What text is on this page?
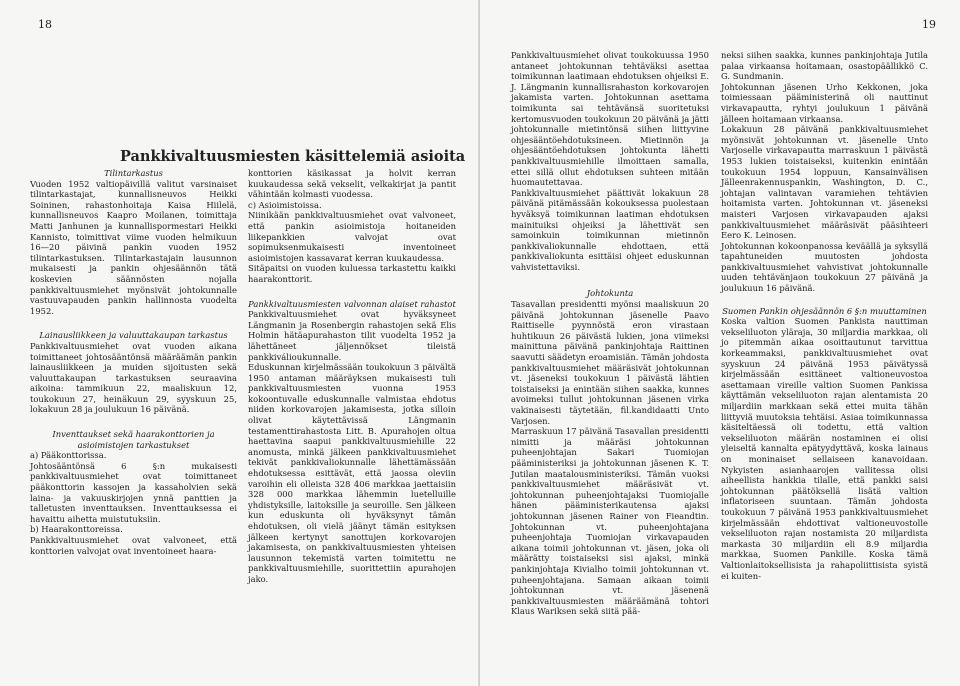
18
Pankkivaltuusmiesten käsittelemiä asioita

Tilintarkastus

Vuoden 1952 valtiopäivillä valitut varsinaiset tilintarkastajat, kunnallisneuvos Heikki Soininen, rahastonhoitaja Kaisa Hiilelä, kunnallisneuvos Kaapro Moilanen, toimittaja Matti Janhunen ja kunnallispormestari Heikki Kannisto, toimittivat viime vuoden helmikuun 16—20 päivinä pankin vuoden 1952 tilintarkastuksen. Tilintarkastajain lausunnon mukaisesti ja pankin ohjesäännön tätä koskevien säännösten nojalla pankkivaltuusmiehet myönsivät johtokunnalle vastuuvapauden pankin hallinnosta vuodelta 1952.

Lainausliikkeen ja valuuttakaupan tarkastus

Pankkivaltuusmiehet ovat vuoden aikana toimittaneet johtosääntönsä määräämän pankin lainausliikkeen ja muiden sijoitusten sekä valuuttakaupan tarkastuksen seuraavina aikoina: tammikuun 22, maaliskuun 12, toukokuun 27, heinäkuun 29, syyskuun 25, lokakuun 28 ja joulukuun 16 päivänä.

Inventtaukset sekä haarakonttorien ja asioimistojen tarkastukset

a) Pääkonttorissa.

Johtosääntönsä 6 §:n mukaisesti pankkivaltuusmiehet ovat toimittaneet pääkonttorin kassojen ja kassaholvien sekä laina- ja vakuuskirjojen ynnä panttien ja talletusten inventtauksen. Inventtauksessa ei havaittu aihetta muistutuksiin.

b) Haarakonttoreissa.

Pankkivaltuusmiehet ovat valvoneet, että konttorien valvojat ovat inventoineet haara-

konttorien käsikassat ja holvit kerran kuukaudessa sekä vekselit, velkakirjat ja pantit vähintään kolmasti vuodessa.

c) Asioimistoissa.

Niinikään pankkivaltuusmiehet ovat valvoneet, että pankin asioimistoja hoitaneiden liikepankkien valvojat ovat sopimuksenmukaisesti inventoineet asioimistojen kassavarat kerran kuukaudessa.

Sitäpaitsi on vuoden kuluessa tarkastettu kaikki haarakonttorit.

Pankkivaltuusmiesten valvonnan alaiset rahastot

Pankkivaltuusmiehet ovat hyväksyneet Längmanin ja Rosenbergin rahastojen sekä Elis Holmin hätäapurahaston tilit vuodelta 1952 ja lähettäneet jäljennökset tileistä pankkiválioukunnalle.

Eduskunnan kirjelmässään toukokuun 3 päivältä 1950 antaman määräyksen mukaisesti tuli pankkivaltuusmiesten vuonna 1953 kokoontuvalle eduskunnalle valmistaa ehdotus niiden korkovarojen jakamisesta, jotka silloin olivat käytettävissä Längmanin testamenttirahastosta Litt. B. Apurahojen oltua haettavina saapui pankkivaltuusmiehille 22 anomusta, minkä jälkeen pankkivaltuusmiehet tekivät pankkivaliokunnalle lähettämässään ehdotuksessa esittävät, että jaossa oleviin varoihin eli olleista 328 406 markkaa jaettaisiin 328 000 markkaa lähemmin luetelluille yhdistyksille, laitoksille ja seuroille. Sen jälkeen kun eduskunta oli hyväksynyt tämän ehdotuksen, oli vielä jäänyt tämän esityksen jälkeen kertynyt sanottujen korkovarojen jakamisesta, on pankkivaltuusmiesten yhteisen lausunnon tekemistä varten toimitettu ne pankkivaltuusmiehille, suorittettiin apurahojen jako.

19

Pankkivaltuusmiehet olivat toukokuussa 1950 antaneet johtokunnan tehtäväksi asettaa toimikunnan laatimaan ehdotuksen ohjeiksi E. J. Längmanin kunnallisrahaston korkovarojen jakamista varten. Johtokunnan asettama toimikunta sai tehtävänsä suoritetuksi kertomusvuoden toukokuun 20 päivänä ja jätti johtokunnalle mietintönsä siihen liittyvine ohjesääntöehdotuksineen. Mietinnön ja ohjesääntöehdotuksen johtokunta lähetti pankkivaltuusmiehille ilmoittaen samalla, ettei sillä ollut ehdotuksen suhteen mitään huomautettavaa.

Pankkivaltuusmiehet päättivät lokakuun 28 päivänä pitämässään kokouksessa puolestaan hyväksyä toimikunnan laatiman ehdotuksen mainituiksi ohjeiksi ja lähettivät sen samoinkuin toimikunnan mietinnön pankkivaliokunnalle ehdottaen, että pankkivaliokunta esittäisi ohjeet eduskunnan vahvistettaviksi.

Johtokunta

Tasavallan presidentti myönsi maaliskuun 20 päivänä johtokunnan jäsenelle Paavo Raittiselle pyynnöstä eron virastaan huhtikuun 26 päivästä lukien, jona viimeksi mainittuna päivänä pankinjohtaja Raittinen saavutti säädetyn eroamisiän. Tämän johdosta pankkivaltuusmiehet määräsivät johtokunnan vt. jäseneksi toukokuun 1 päivästä lähtien toistaiseksi ja enintään siihen saakka, kunnes avoimeksi tullut johtokunnan jäsenen virka vakinaisesti täytetään, fil.kandidaatti Unto Varjosen.

Marraskuun 17 päivänä Tasavallan presidentti nimitti ja määräsi johtokunnan puheenjohtajan Sakari Tuomiojan pääministeriksi ja johtokunnan jäsenen K. T. Jutilan maatalousministeriksi. Tämän vuoksi pankkivaltuusmiehet määräsivät vt. johtokunnan puheenjohtajaksi Tuomiojalle hänen pääministerikautensa ajaksi johtokunnan jäsenen Rainer von Fieandtin. Johtokunnan vt. puheenjohtajana puheenjohtaja Tuomiojan virkavapauden aikana toimii johtokunnan vt. jäsen, joka oli määrätty toistaiseksi sisi ajaksi, minkä pankinjohtaja Kivialho toimii johtokunnan vt. puheenjohtajana. Samaan aikaan toimii johtokunnan vt. jäsenenä pankkivaltuusmiesten määräämänä tohtori Klaus Wariksen sekä siitä pää-

neksi siihen saakka, kunnes pankinjohtaja Jutila palaa virkaansa hoitamaan, osastopäällikkö C. G. Sundmanin.

Johtokunnan jäsenen Urho Kekkonen, joka toimiessaan pääministerinä oli nauttinut virkavapautta, ryhtyi joulukuun 1 päivänä jälleen hoitamaan virkaansa.

Lokakuun 28 päivänä pankkivaltuusmiehet myönsivät johtokunnan vt. jäsenelle Unto Varjoselle virkavapautta marraskuun 1 päivästä 1953 lukien toistaiseksi, kuitenkin enintään toukokuun 1954 loppuun, Kansainvälisen Jälleenrakennuspankin, Washington, D. C., johtajan valintavan varamiehen tehtävien hoitamista varten. Johtokunnan vt. jäseneksi maisteri Varjosen virkavapauden ajaksi pankkivaltuusmiehet määräsivät pääsihteeri Eero K. Leinosen.

Johtokunnan kokoonpanossa keväällä ja syksyllä tapahtuneiden muutosten johdosta pankkivaltuusmiehet vahvistivat johtokunnalle uuden tehtävänjaon toukokuun 27 päivänä ja joulukuun 16 päivänä.

Suomen Pankin ohjesäännön 6 §:n muuttaminen

Koska valtion Suomen Pankista nauttiman vekseliluoton yläraja, 30 miljardia markkaa, oli jo pitemmän aikaa osoittautunut tarvittua korkeammaksi, pankkivaltuusmiehet ovat syyskuun 24 päivänä 1953 päivätyssä kirjelmässään esittäneet valtioneuvostoa asettamaan vireille valtion Suomen Pankissa käyttämän vekseliluoton rajan alentamista 20 miljardiin markkaan sekä ettei muita tähän liittyviä muutoksia tehtäisi. Asiaa toimikunnassa käsiteltäessä oli todettu, että valtion vekseliluoton määrän nostaminen ei olisi yleiseltä kannalta epätyydyttävä, koska lainaus on moninaiset sellaiseen kanavoidaan. Nykyisten asianhaarojen vallitessa olisi aiheellista hankkia tilalle, että pankki saisi johtokunnan päätöksellä lisätä valtion inflatoriseen suuntaan. Tämän johdosta toukokuun 7 päivänä 1953 pankkivaltuusmiehet kirjelmässään ehdottivat valtioneuvostolle vekseliluoton rajan nostamista 20 miljardista markasta 30 miljardiin eli 8.9 miljardia markkaa, Suomen Pankille. Koska tämä Valtionlaitoksellisista ja rahapoliittisista syistä ei kuiten-
